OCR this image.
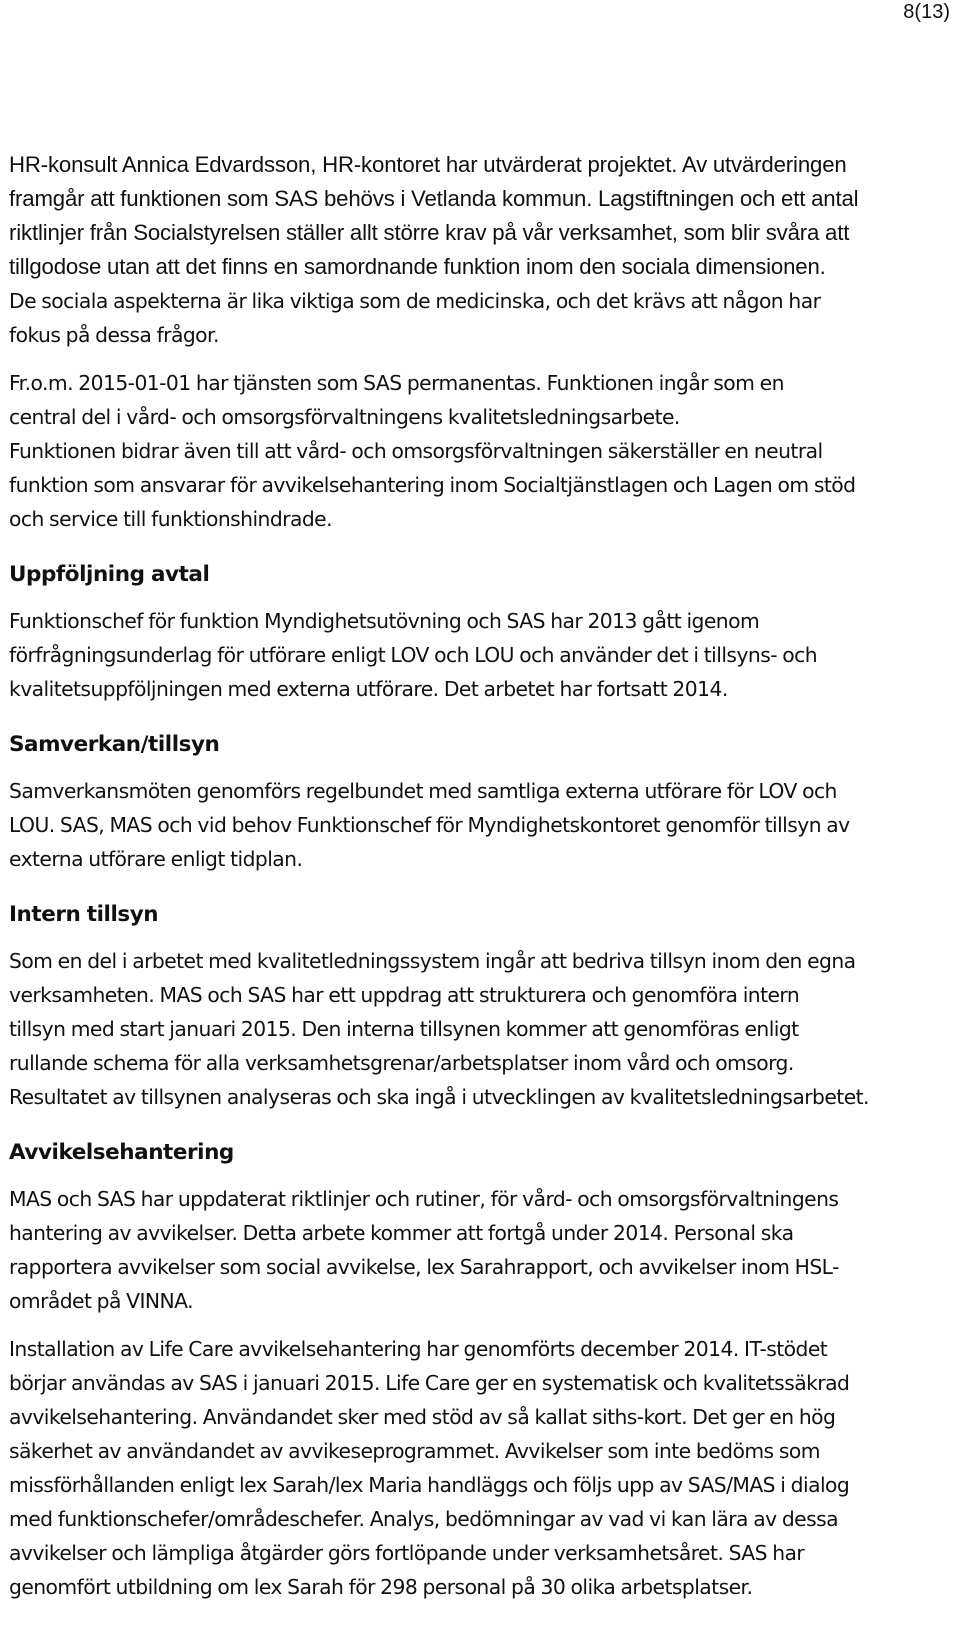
8(13)
HR-konsult Annica Edvardsson, HR-kontoret har utvärderat projektet. Av utvärderingen
framgår att funktionen som SAS behövs i Vetlanda kommun. Lagstiftningen och ett antal
riktlinjer från Socialstyrelsen ställer allt större krav på vår verksamhet, som blir svåra att
tillgodose utan att det finns en samordnande funktion inom den sociala dimensionen.
De sociala aspekterna är lika viktiga som de medicinska, och det krävs att någon har
fokus på dessa frågor.
Fr.o.m. 2015-01-01 har tjänsten som SAS permanentas. Funktionen ingår som en
central del i vård- och omsorgsförvaltningens kvalitetsledningsarbete.
Funktionen bidrar även till att vård- och omsorgsförvaltningen säkerställer en neutral
funktion som ansvarar för avvikelsehantering inom Socialtjänstlagen och Lagen om stöd
och service till funktionshindrade.
Uppföljning avtal
Funktionschef för funktion Myndighetsutövning och SAS har 2013 gått igenom
förfrågningsunderlag för utförare enligt LOV och LOU och använder det i tillsyns- och
kvalitetsuppföljningen med externa utförare. Det arbetet har fortsatt 2014.
Samverkan/tillsyn
Samverkansmöten genomförs regelbundet med samtliga externa utförare för LOV och
LOU. SAS, MAS och vid behov Funktionschef för Myndighetskontoret genomför tillsyn av
externa utförare enligt tidplan.
Intern tillsyn
Som en del i arbetet med kvalitetledningssystem ingår att bedriva tillsyn inom den egna
verksamheten. MAS och SAS har ett uppdrag att strukturera och genomföra intern
tillsyn med start januari 2015. Den interna tillsynen kommer att genomföras enligt
rullande schema för alla verksamhetsgrenar/arbetsplatser inom vård och omsorg.
Resultatet av tillsynen analyseras och ska ingå i utvecklingen av kvalitetsledningsarbetet.
Avvikelsehantering
MAS och SAS har uppdaterat riktlinjer och rutiner, för vård- och omsorgsförvaltningens
hantering av avvikelser. Detta arbete kommer att fortgå under 2014. Personal ska
rapportera avvikelser som social avvikelse, lex Sarahrapport, och avvikelser inom HSL-
området på VINNA.
Installation av Life Care avvikelsehantering har genomförts december 2014. IT-stödet
börjar användas av SAS i januari 2015. Life Care ger en systematisk och kvalitetssäkrad
avvikelsehantering. Användandet sker med stöd av så kallat siths-kort. Det ger en hög
säkerhet av användandet av avvikeseprogrammet. Avvikelser som inte bedöms som
missförhållanden enligt lex Sarah/lex Maria handläggs och följs upp av SAS/MAS i dialog
med funktionschefer/områdeschefer. Analys, bedömningar av vad vi kan lära av dessa
avvikelser och lämpliga åtgärder görs fortlöpande under verksamhetsåret. SAS har
genomfört utbildning om lex Sarah för 298 personal på 30 olika arbetsplatser.
